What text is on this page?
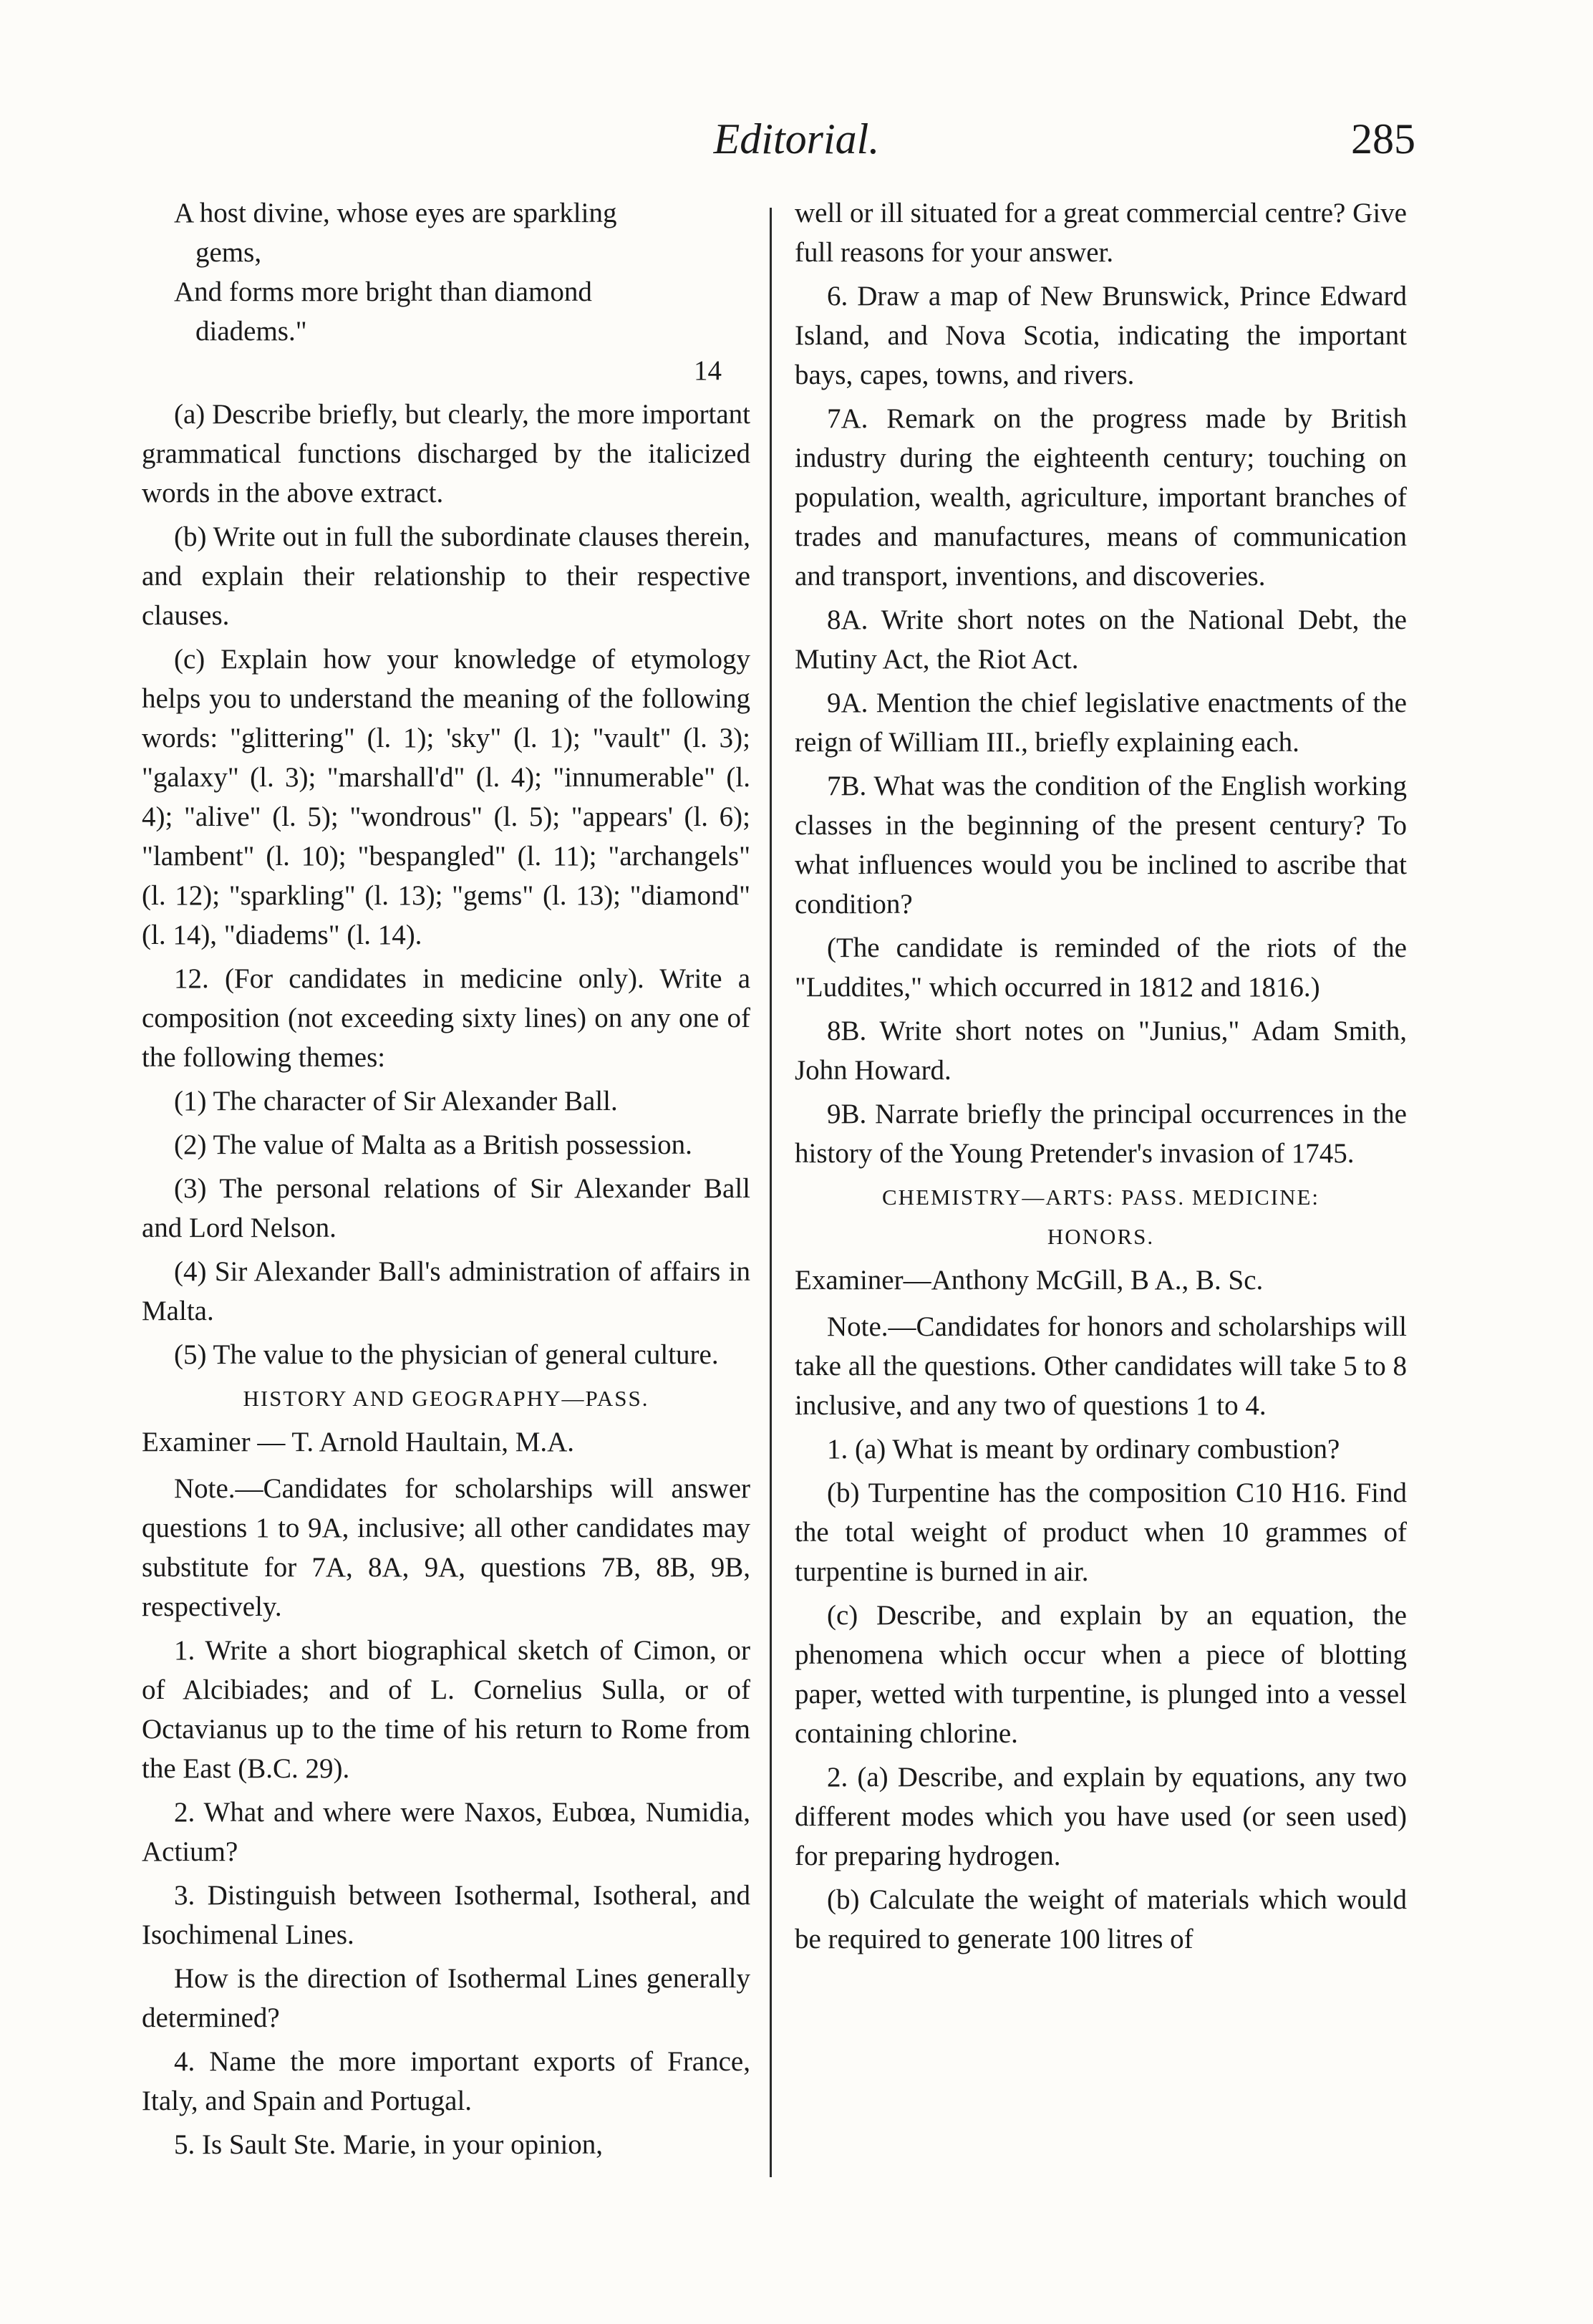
Editorial.	285
A host divine, whose eyes are sparkling
gems,
And forms more bright than diamond
diadems."
14

(a) Describe briefly, but clearly, the more important grammatical functions discharged by the italicized words in the above extract.

(b) Write out in full the subordinate clauses therein, and explain their relationship to their respective clauses.

(c) Explain how your knowledge of etymology helps you to understand the meaning of the following words: "glittering" (l. 1); 'sky" (l. 1); "vault" (l. 3); "galaxy" (l. 3); "marshall'd" (l. 4); "innumerable" (l. 4); "alive" (l. 5); "wondrous" (l. 5); "appears' (l. 6); "lambent" (l. 10); "bespangled" (l. 11); "archangels" (l. 12); "sparkling" (l. 13); "gems" (l. 13); "diamond" (l. 14), "diadems" (l. 14).

12. (For candidates in medicine only). Write a composition (not exceeding sixty lines) on any one of the following themes:

(1) The character of Sir Alexander Ball.

(2) The value of Malta as a British possession.

(3) The personal relations of Sir Alexander Ball and Lord Nelson.

(4) Sir Alexander Ball's administration of affairs in Malta.

(5) The value to the physician of general culture.

HISTORY AND GEOGRAPHY—PASS.

Examiner — T. Arnold Haultain, M.A.

Note.—Candidates for scholarships will answer questions 1 to 9A, inclusive; all other candidates may substitute for 7A, 8A, 9A, questions 7B, 8B, 9B, respectively.

1. Write a short biographical sketch of Cimon, or of Alcibiades; and of L. Cornelius Sulla, or of Octavianus up to the time of his return to Rome from the East (B.C. 29).

2. What and where were Naxos, Eubœa, Numidia, Actium?

3. Distinguish between Isothermal, Isotheral, and Isochimenal Lines.

How is the direction of Isothermal Lines generally determined?

4. Name the more important exports of France, Italy, and Spain and Portugal.

5. Is Sault Ste. Marie, in your opinion,

well or ill situated for a great commercial centre? Give full reasons for your answer.

6. Draw a map of New Brunswick, Prince Edward Island, and Nova Scotia, indicating the important bays, capes, towns, and rivers.

7A. Remark on the progress made by British industry during the eighteenth century; touching on population, wealth, agriculture, important branches of trades and manufactures, means of communication and transport, inventions, and discoveries.

8A. Write short notes on the National Debt, the Mutiny Act, the Riot Act.

9A. Mention the chief legislative enactments of the reign of William III., briefly explaining each.

7B. What was the condition of the English working classes in the beginning of the present century? To what influences would you be inclined to ascribe that condition?

(The candidate is reminded of the riots of the "Luddites," which occurred in 1812 and 1816.)

8B. Write short notes on "Junius," Adam Smith, John Howard.

9B. Narrate briefly the principal occurrences in the history of the Young Pretender's invasion of 1745.

CHEMISTRY—ARTS: PASS. MEDICINE:

HONORS.

Examiner—Anthony McGill, B A., B. Sc.

Note.—Candidates for honors and scholarships will take all the questions. Other candidates will take 5 to 8 inclusive, and any two of questions 1 to 4.

1. (a) What is meant by ordinary combustion?

(b) Turpentine has the composition C10 H16. Find the total weight of product when 10 grammes of turpentine is burned in air.

(c) Describe, and explain by an equation, the phenomena which occur when a piece of blotting paper, wetted with turpentine, is plunged into a vessel containing chlorine.

2. (a) Describe, and explain by equations, any two different modes which you have used (or seen used) for preparing hydrogen.

(b) Calculate the weight of materials which would be required to generate 100 litres of
